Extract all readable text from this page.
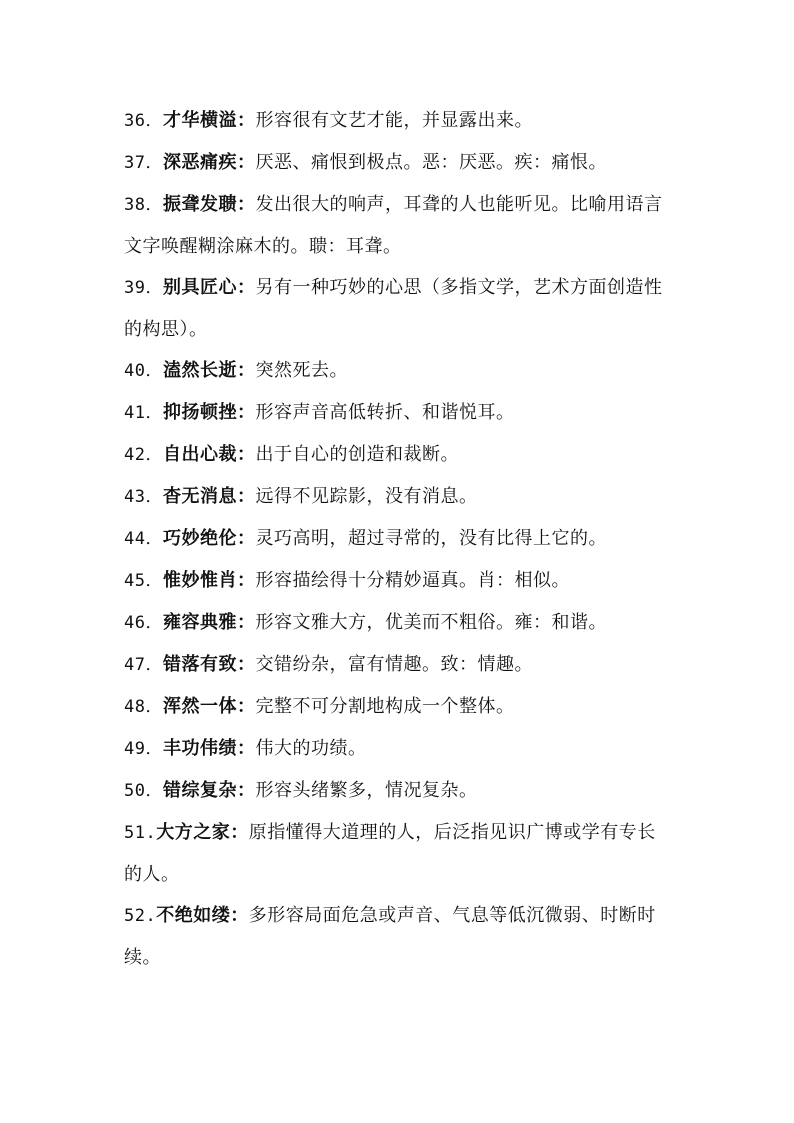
36．才华横溢：形容很有文艺才能，并显露出来。
37．深恶痛疾：厌恶、痛恨到极点。恶：厌恶。疾：痛恨。
38．振聋发聩：发出很大的响声，耳聋的人也能听见。比喻用语言文字唤醒糊涂麻木的。聩：耳聋。
39．别具匠心：另有一种巧妙的心思（多指文学，艺术方面创造性的构思）。
40．溘然长逝：突然死去。
41．抑扬顿挫：形容声音高低转折、和谐悦耳。
42．自出心裁：出于自心的创造和裁断。
43．杳无消息：远得不见踪影，没有消息。
44．巧妙绝伦：灵巧高明，超过寻常的，没有比得上它的。
45．惟妙惟肖：形容描绘得十分精妙逼真。肖：相似。
46．雍容典雅：形容文雅大方，优美而不粗俗。雍：和谐。
47．错落有致：交错纷杂，富有情趣。致：情趣。
48．浑然一体：完整不可分割地构成一个整体。
49．丰功伟绩：伟大的功绩。
50．错综复杂：形容头绪繁多，情况复杂。
51.大方之家：原指懂得大道理的人，后泛指见识广博或学有专长的人。
52.不绝如缕：多形容局面危急或声音、气息等低沉微弱、时断时续。
